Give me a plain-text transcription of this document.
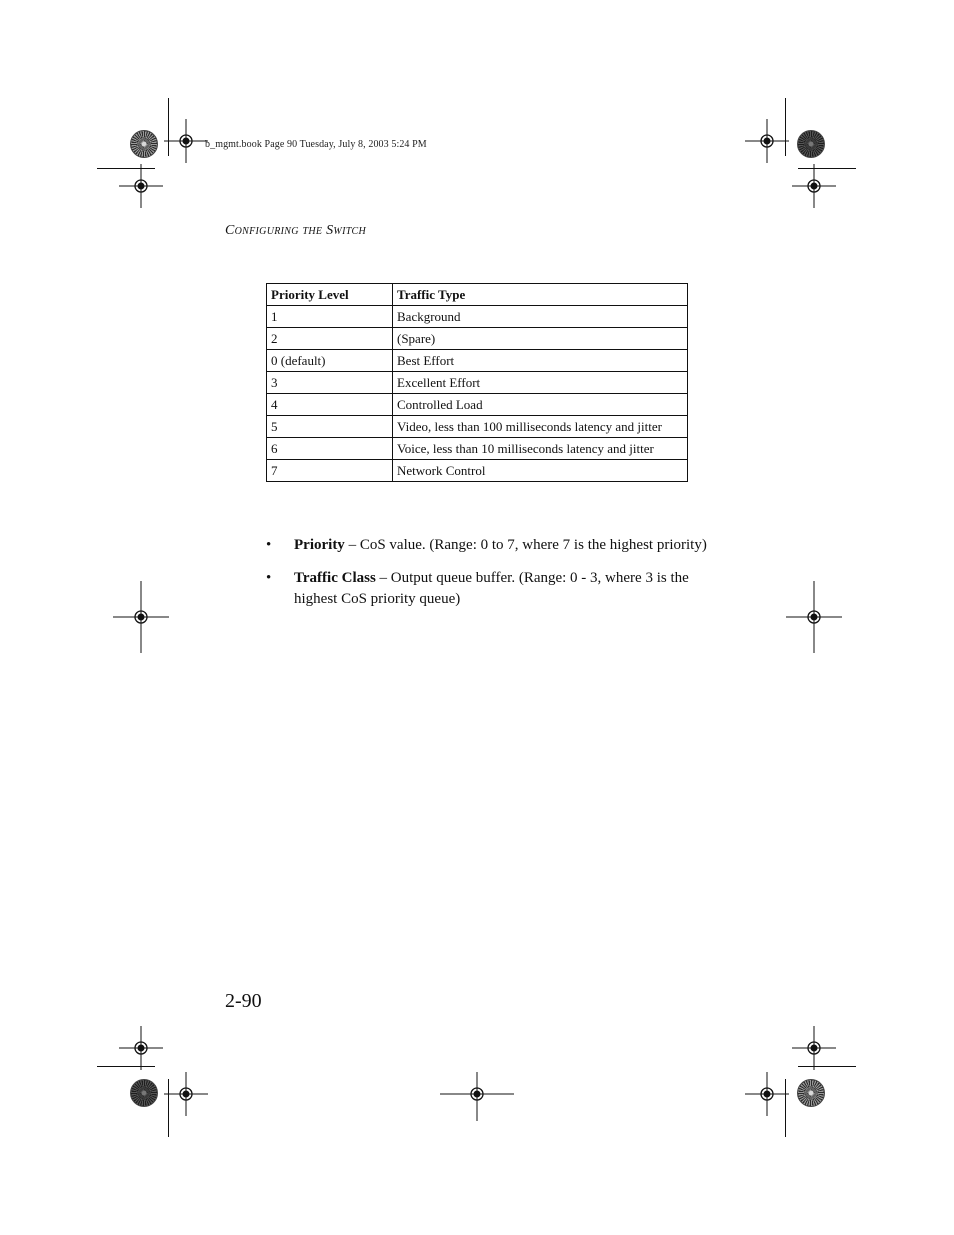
b_mgmt.book Page 90 Tuesday, July 8, 2003 5:24 PM
Configuring the Switch
Priority Level	Traffic Type
1	Background
2	(Spare)
0 (default)	Best Effort
3	Excellent Effort
4	Controlled Load
5	Video, less than 100 milliseconds latency and jitter
6	Voice, less than 10 milliseconds latency and jitter
7	Network Control
•	Priority – CoS value. (Range: 0 to 7, where 7 is the highest priority)
•	Traffic Class – Output queue buffer. (Range: 0 - 3, where 3 is the highest CoS priority queue)
2-90
